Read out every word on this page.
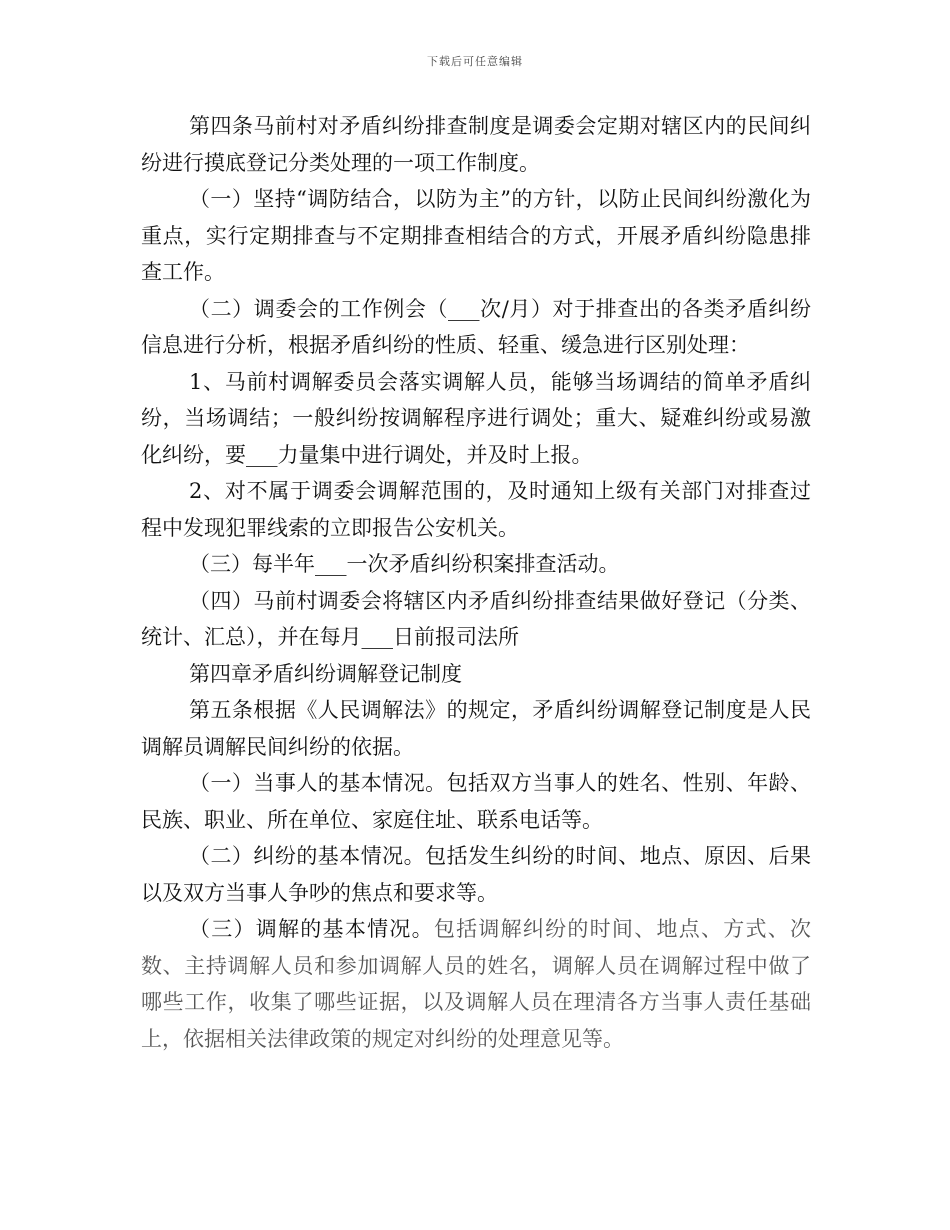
下载后可任意编辑

第四条马前村对矛盾纠纷排查制度是调委会定期对辖区内的民间纠纷进行摸底登记分类处理的一项工作制度。

（一）坚持“调防结合，以防为主”的方针，以防止民间纠纷激化为重点，实行定期排查与不定期排查相结合的方式，开展矛盾纠纷隐患排查工作。

（二）调委会的工作例会（___次/月）对于排查出的各类矛盾纠纷信息进行分析，根据矛盾纠纷的性质、轻重、缓急进行区别处理：

1、马前村调解委员会落实调解人员，能够当场调结的简单矛盾纠纷，当场调结；一般纠纷按调解程序进行调处；重大、疑难纠纷或易激化纠纷，要___力量集中进行调处，并及时上报。

2、对不属于调委会调解范围的，及时通知上级有关部门对排查过程中发现犯罪线索的立即报告公安机关。

（三）每半年___一次矛盾纠纷积案排查活动。

（四）马前村调委会将辖区内矛盾纠纷排查结果做好登记（分类、统计、汇总），并在每月___日前报司法所

第四章矛盾纠纷调解登记制度

第五条根据《人民调解法》的规定，矛盾纠纷调解登记制度是人民调解员调解民间纠纷的依据。

（一）当事人的基本情况。包括双方当事人的姓名、性别、年龄、民族、职业、所在单位、家庭住址、联系电话等。

（二）纠纷的基本情况。包括发生纠纷的时间、地点、原因、后果以及双方当事人争吵的焦点和要求等。

（三）调解的基本情况。包括调解纠纷的时间、地点、方式、次数、主持调解人员和参加调解人员的姓名，调解人员在调解过程中做了哪些工作，收集了哪些证据，以及调解人员在理清各方当事人责任基础上，依据相关法律政策的规定对纠纷的处理意见等。
